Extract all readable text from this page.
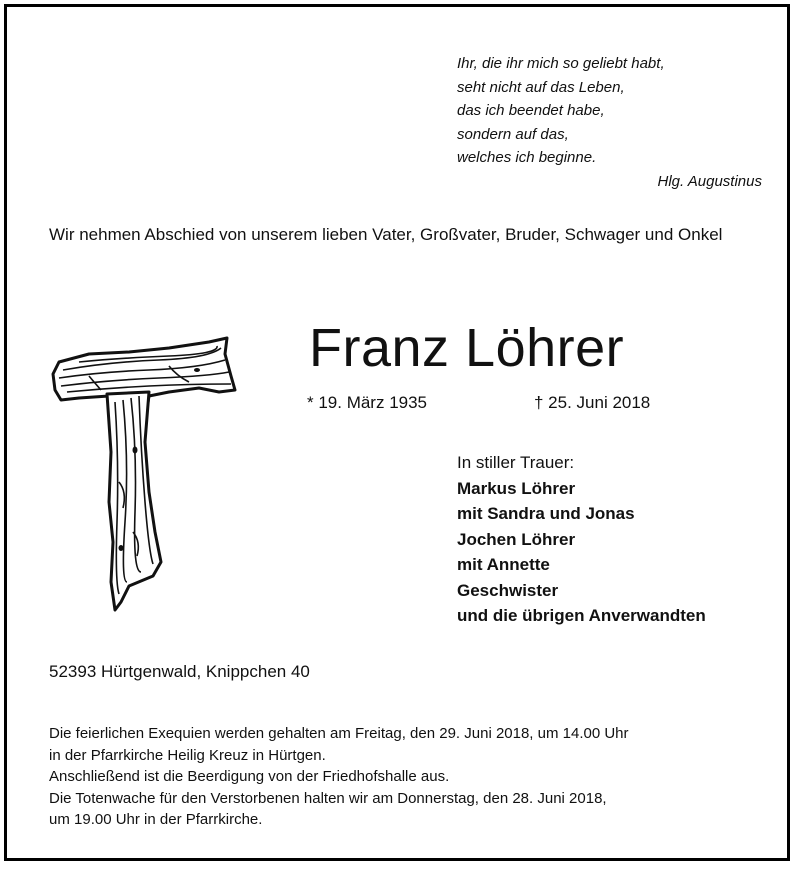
Ihr, die ihr mich so geliebt habt,
seht nicht auf das Leben,
das ich beendet habe,
sondern auf das,
welches ich beginne.
Hlg. Augustinus
Wir nehmen Abschied von unserem lieben Vater, Großvater, Bruder, Schwager und Onkel
Franz Löhrer
* 19. März 1935	† 25. Juni 2018
In stiller Trauer:
Markus Löhrer
mit Sandra und Jonas
Jochen Löhrer
mit Annette
Geschwister
und die übrigen Anverwandten
52393 Hürtgenwald, Knippchen 40
Die feierlichen Exequien werden gehalten am Freitag, den 29. Juni 2018, um 14.00 Uhr
in der Pfarrkirche Heilig Kreuz in Hürtgen.
Anschließend ist die Beerdigung von der Friedhofshalle aus.
Die Totenwache für den Verstorbenen halten wir am Donnerstag, den 28. Juni 2018,
um 19.00 Uhr in der Pfarrkirche.
